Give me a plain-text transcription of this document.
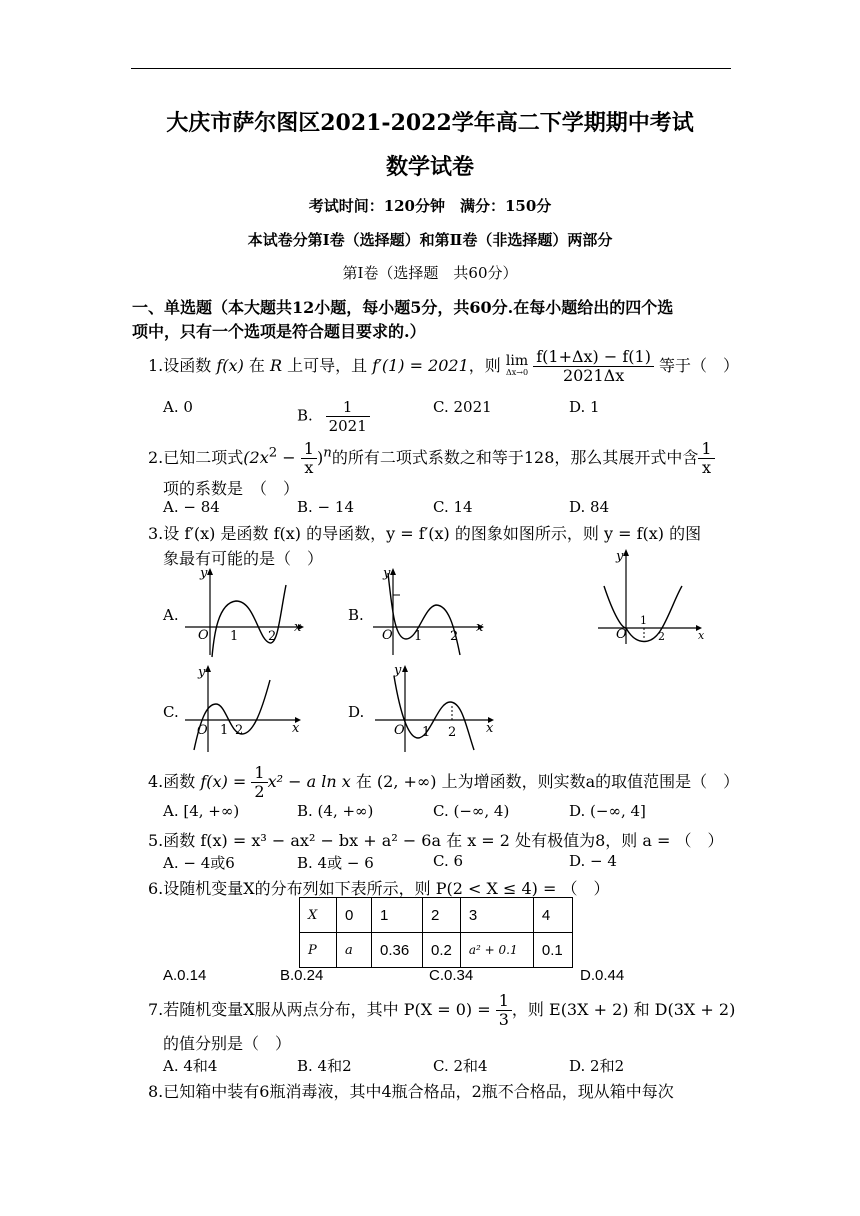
大庆市萨尔图区2021-2022学年高二下学期期中考试
数学试卷
考试时间：120分钟　满分：150分
本试卷分第Ⅰ卷（选择题）和第Ⅱ卷（非选择题）两部分
第Ⅰ卷（选择题　共60分）
一、单选题（本大题共12小题，每小题5分，共60分.在每小题给出的四个选
项中，只有一个选项是符合题目要求的.）
1.设函数 f(x) 在 R 上可导，且 f′(1) = 2021，则 lim
Δx→0
$\frac{f(1+\Delta x) - f(1)}{2021\Delta x}$ 等于（　）
A. 0	B. $\frac{1}{2021}$	C. 2021	D. 1
2.已知二项式$(2x^2 - \frac{1}{x} )^n$的所有二项式系数之和等于128，那么其展开式中含 $\frac{1}{x}$
项的系数是　（　）
A. − 84	B. − 14	C. 14	D. 84
3.设 f′(x) 是函数 f(x) 的导函数，y = f′(x) 的图象如图所示，则 y = f(x) 的图
象最有可能的是（　）
A.	B.
C.	D.
O 1 2
x
y
O 1 2
x
y
O
1
2	x
y
O 1 2	x
y
O 1 2 x
y
4.函数 $f(x) = \frac{1}{2} x^2 - a$ ln x 在 (2, +∞) 上为增函数，则实数a的取值范围是（　）
A. [4, +∞)	B. (4, +∞)	C. (−∞, 4)	D. (−∞, 4]
5.函数 f(x) = x³ − ax² − bx + a² − 6a 在 x = 2 处有极值为8，则 a = （　）
A. − 4或6	B. 4或 − 6	C. 6	D. − 4
6.设随机变量X的分布列如下表所示，则 P(2 < X ≤ 4) = （　）
X	0	1	2	3	4
P	a	0.36	0.2	a² + 0.1	0.1
A.0.14	B.0.24	C.0.34	D.0.44
7.若随机变量X服从两点分布，其中 $P(X = 0) = \frac{1}{3}$ ，则 E(3X + 2) 和 D(3X + 2)
的值分别是（　）
A. 4和4	B. 4和2	C. 2和4	D. 2和2
8.已知箱中装有6瓶消毒液，其中4瓶合格品，2瓶不合格品，现从箱中每次
